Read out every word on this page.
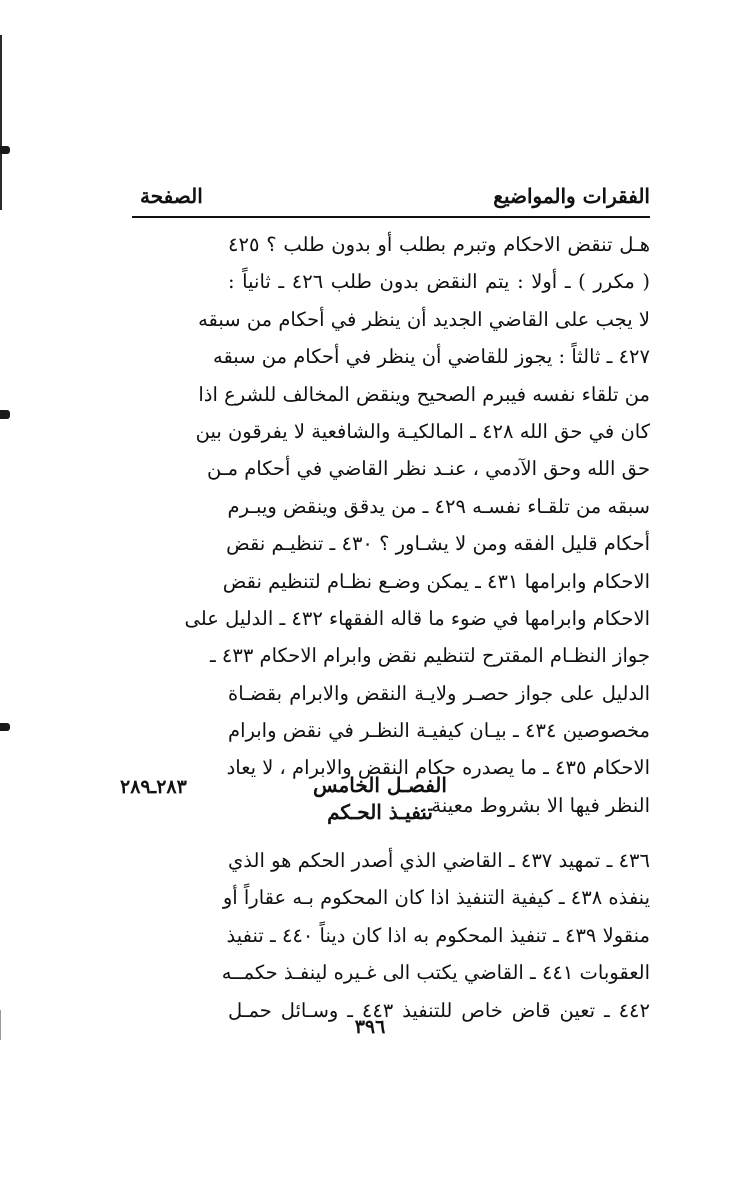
الصفحة	الفقرات والمواضيع
هـل تنقض الاحكام وتبرم بطلب أو بدون طلب ؟ ٤٢٥
( مكرر ) ـ أولا : يتم النقض بدون طلب ٤٢٦ ـ ثانياً :
لا يجب على القاضي الجديد أن ينظر في أحكام من سبقه
٤٢٧ ـ ثالثاً : يجوز للقاضي أن ينظر في أحكام من سبقه
من تلقاء نفسه فيبرم الصحيح وينقض المخالف للشرع اذا
كان في حق الله ٤٢٨ ـ المالكيـة والشافعية لا يفرقون بين
حق الله وحق الآدمي ، عنـد نظر القاضي في أحكام مـن
سبقه من تلقـاء نفسـه ٤٢٩ ـ من يدقق وينقض ويبـرم
أحكام قليل الفقه ومن لا يشـاور ؟ ٤٣٠ ـ تنظيـم نقض
الاحكام وابرامها ٤٣١ ـ يمكن وضـع نظـام لتنظيم نقض
الاحكام وابرامها في ضوء ما قاله الفقهاء ٤٣٢ ـ الدليل على
جواز النظـام المقترح لتنظيم نقض وابرام الاحكام ٤٣٣ ـ
الدليل على جواز حصـر ولايـة النقض والابرام بقضـاة
مخصوصين ٤٣٤ ـ بيـان كيفيـة النظـر في نقض وابرام
الاحكام ٤٣٥ ـ ما يصدره حكام النقض والابرام ، لا يعاد
النظر فيها الا بشروط معينة .
٢٨٣ـ٢٨٩	الفصـل الخامس
تنفيـذ الحـكم
٤٣٦ ـ تمهيد ٤٣٧ ـ القاضي الذي أصدر الحكم هو الذي
ينفذه ٤٣٨ ـ كيفية التنفيذ اذا كان المحكوم بـه عقاراً أو
منقولا ٤٣٩ ـ تنفيذ المحكوم به اذا كان ديناً ٤٤٠ ـ تنفيذ
العقوبات ٤٤١ ـ القاضي يكتب الى غـيره لينفـذ حكمــه
٤٤٢ ـ تعين قاض خاص للتنفيذ ٤٤٣ ـ وسـائل حمـل
٣٩٦
